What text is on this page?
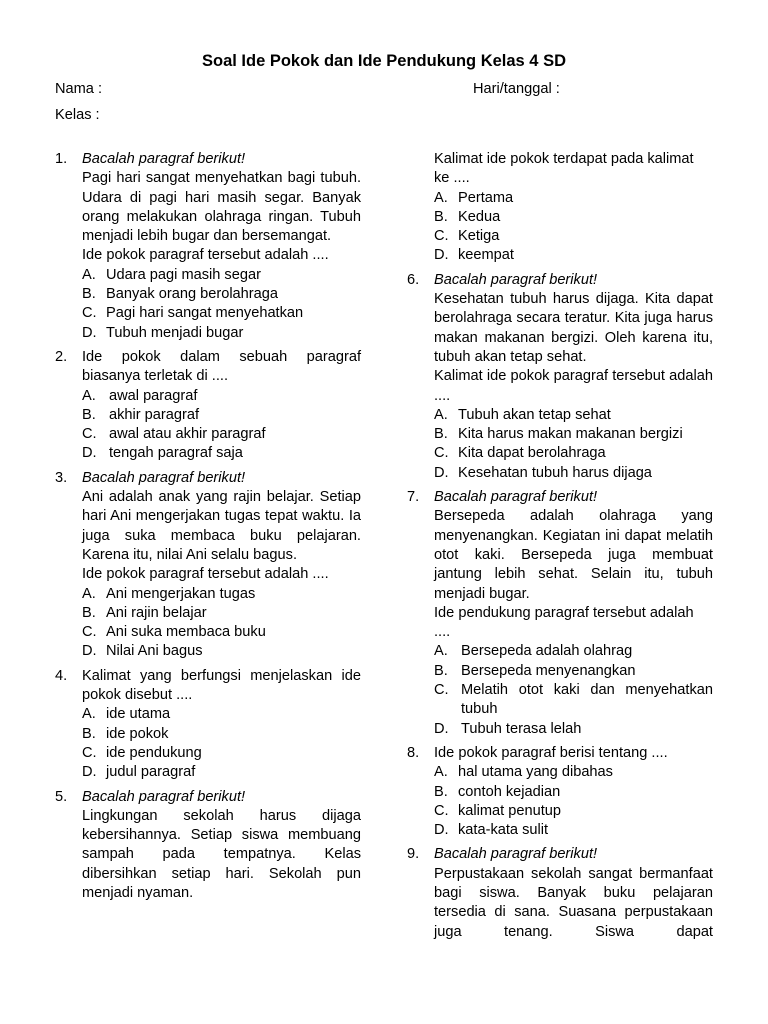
Soal Ide Pokok dan Ide Pendukung Kelas 4 SD
Nama :	Hari/tanggal :
Kelas :
1. Bacalah paragraf berikut!
Pagi hari sangat menyehatkan bagi tubuh. Udara di pagi hari masih segar. Banyak orang melakukan olahraga ringan. Tubuh menjadi lebih bugar dan bersemangat.
Ide pokok paragraf tersebut adalah ....
A. Udara pagi masih segar
B. Banyak orang berolahraga
C. Pagi hari sangat menyehatkan
D. Tubuh menjadi bugar
2. Ide pokok dalam sebuah paragraf biasanya terletak di ....
A. awal paragraf
B. akhir paragraf
C. awal atau akhir paragraf
D. tengah paragraf saja
3. Bacalah paragraf berikut!
Ani adalah anak yang rajin belajar. Setiap hari Ani mengerjakan tugas tepat waktu. Ia juga suka membaca buku pelajaran. Karena itu, nilai Ani selalu bagus.
Ide pokok paragraf tersebut adalah ....
A. Ani mengerjakan tugas
B. Ani rajin belajar
C. Ani suka membaca buku
D. Nilai Ani bagus
4. Kalimat yang berfungsi menjelaskan ide pokok disebut ....
A. ide utama
B. ide pokok
C. ide pendukung
D. judul paragraf
5. Bacalah paragraf berikut!
Lingkungan sekolah harus dijaga kebersihannya. Setiap siswa membuang sampah pada tempatnya. Kelas dibersihkan setiap hari. Sekolah pun menjadi nyaman.
Kalimat ide pokok terdapat pada kalimat ke ....
A. Pertama
B. Kedua
C. Ketiga
D. keempat
6. Bacalah paragraf berikut!
Kesehatan tubuh harus dijaga. Kita dapat berolahraga secara teratur. Kita juga harus makan makanan bergizi. Oleh karena itu, tubuh akan tetap sehat.
Kalimat ide pokok paragraf tersebut adalah ....
A. Tubuh akan tetap sehat
B. Kita harus makan makanan bergizi
C. Kita dapat berolahraga
D. Kesehatan tubuh harus dijaga
7. Bacalah paragraf berikut!
Bersepeda adalah olahraga yang menyenangkan. Kegiatan ini dapat melatih otot kaki. Bersepeda juga membuat jantung lebih sehat. Selain itu, tubuh menjadi bugar.
Ide pendukung paragraf tersebut adalah ....
A. Bersepeda adalah olahrag
B. Bersepeda menyenangkan
C. Melatih otot kaki dan menyehatkan tubuh
D. Tubuh terasa lelah
8. Ide pokok paragraf berisi tentang ....
A. hal utama yang dibahas
B. contoh kejadian
C. kalimat penutup
D. kata-kata sulit
9. Bacalah paragraf berikut!
Perpustakaan sekolah sangat bermanfaat bagi siswa. Banyak buku pelajaran tersedia di sana. Suasana perpustakaan juga tenang. Siswa dapat
